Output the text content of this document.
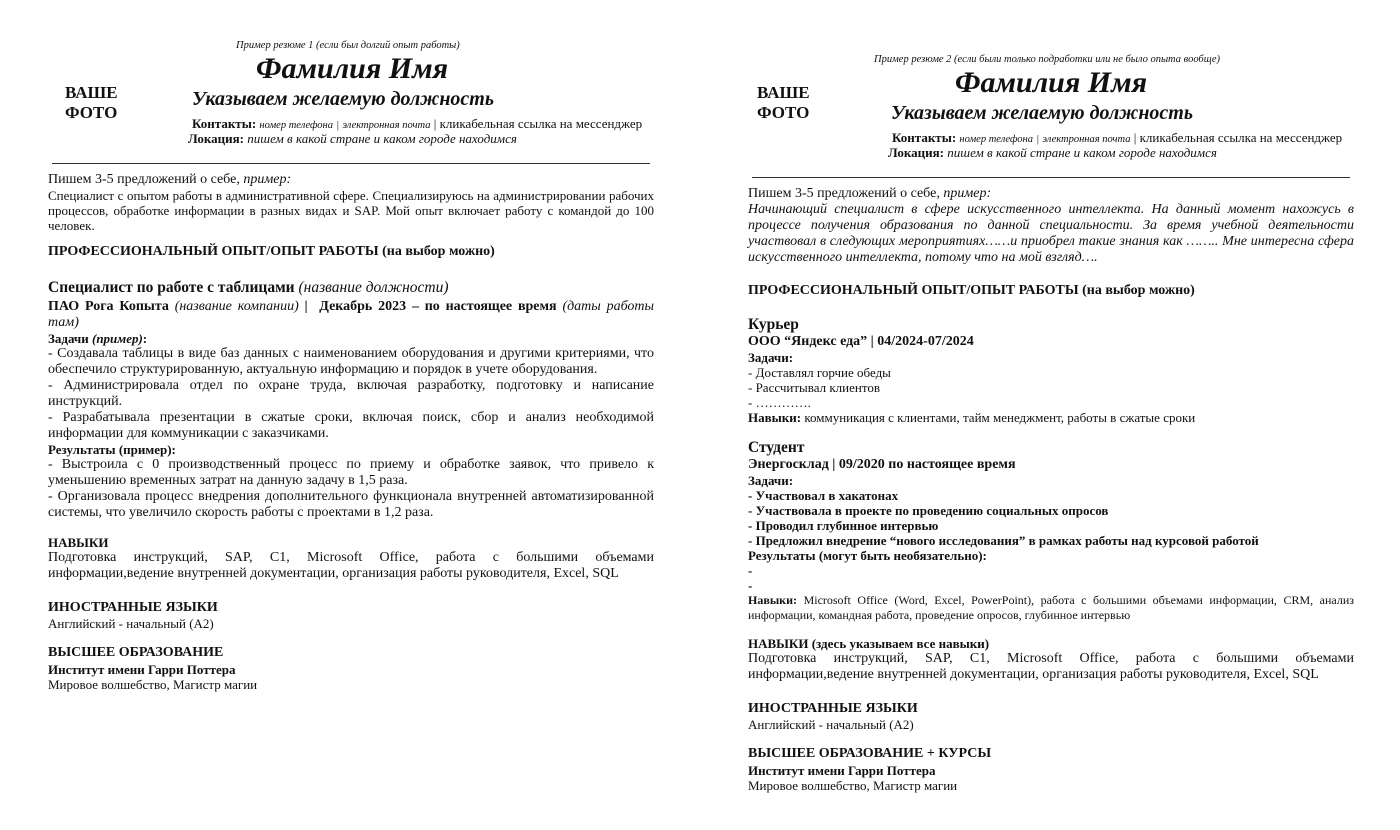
Пример резюме 1 (если был долгий опыт работы)
ВАШЕ
ФОТО
Фамилия Имя
Указываем желаемую должность
Контакты: номер телефона | электронная почта | кликабельная ссылка на мессенджер
Локация: пишем в какой стране и каком городе находимся

Пишем 3-5 предложений о себе, пример:

Специалист с опытом работы в административной сфере. Специализируюсь на администрировании рабочих процессов, обработке информации в разных видах и SAP. Мой опыт включает работу с командой до 100 человек.

ПРОФЕССИОНАЛЬНЫЙ ОПЫТ/ОПЫТ РАБОТЫ (на выбор можно)

Специалист по работе с таблицами (название должности)

ПАО Рога Копыта (название компании) | Декабрь 2023 – по настоящее время (даты работы там)

Задачи (пример):

- Создавала таблицы в виде баз данных с наименованием оборудования и другими критериями, что обеспечило структурированную, актуальную информацию и порядок в учете оборудования.

- Администрировала отдел по охране труда, включая разработку, подготовку и написание инструкций.

- Разрабатывала презентации в сжатые сроки, включая поиск, сбор и анализ необходимой информации для коммуникации с заказчиками.

Результаты (пример):

- Выстроила с 0 производственный процесс по приему и обработке заявок, что привело к уменьшению временных затрат на данную задачу в 1,5 раза.

- Организовала процесс внедрения дополнительного функционала внутренней автоматизированной системы, что увеличило скорость работы с проектами в 1,2 раза.

НАВЫКИ

Подготовка инструкций, SAP, C1, Microsoft Office, работа с большими объемами информации,ведение внутренней документации, организация работы руководителя, Excel, SQL

ИНОСТРАННЫЕ ЯЗЫКИ

Английский - начальный (A2)

ВЫСШЕЕ ОБРАЗОВАНИЕ

Институт имени Гарри Поттера

Мировое волшебство, Магистр магии

Пример резюме 2 (если были только подработки или не было опыта вообще)
ВАШЕ
ФОТО
Фамилия Имя
Указываем желаемую должность
Контакты: номер телефона | электронная почта | кликабельная ссылка на мессенджер
Локация: пишем в какой стране и каком городе находимся

Пишем 3-5 предложений о себе, пример:

Начинающий специалист в сфере искусственного интеллекта. На данный момент нахожусь в процессе получения образования по данной специальности. За время учебной деятельности участвовал в следующих мероприятиях……и приобрел такие знания как …….. Мне интересна сфера искусственного интеллекта, потому что на мой взгляд….

ПРОФЕССИОНАЛЬНЫЙ ОПЫТ/ОПЫТ РАБОТЫ (на выбор можно)

Курьер

ООО “Яндекс еда” | 04/2024-07/2024

Задачи:

- Доставлял горчие обеды

- Рассчитывал клиентов

- ………….

Навыки: коммуникация с клиентами, тайм менеджмент, работы в сжатые сроки

Студент

Энергосклад | 09/2020 по настоящее время

Задачи:

- Участвовал в хакатонах

- Участвовала в проекте по проведению социальных опросов

- Проводил глубинное интервью

- Предложил внедрение “нового исследования” в рамках работы над курсовой работой

Результаты (могут быть необязательно):

-

-

Навыки: Microsoft Office (Word, Excel, PowerPoint), работа с большими объемами информации, CRM, анализ информации, командная работа, проведение опросов, глубинное интервью

НАВЫКИ (здесь указываем все навыки)

Подготовка инструкций, SAP, C1, Microsoft Office, работа с большими объемами информации,ведение внутренней документации, организация работы руководителя, Excel, SQL

ИНОСТРАННЫЕ ЯЗЫКИ

Английский - начальный (A2)

ВЫСШЕЕ ОБРАЗОВАНИЕ + КУРСЫ

Институт имени Гарри Поттера

Мировое волшебство, Магистр магии
